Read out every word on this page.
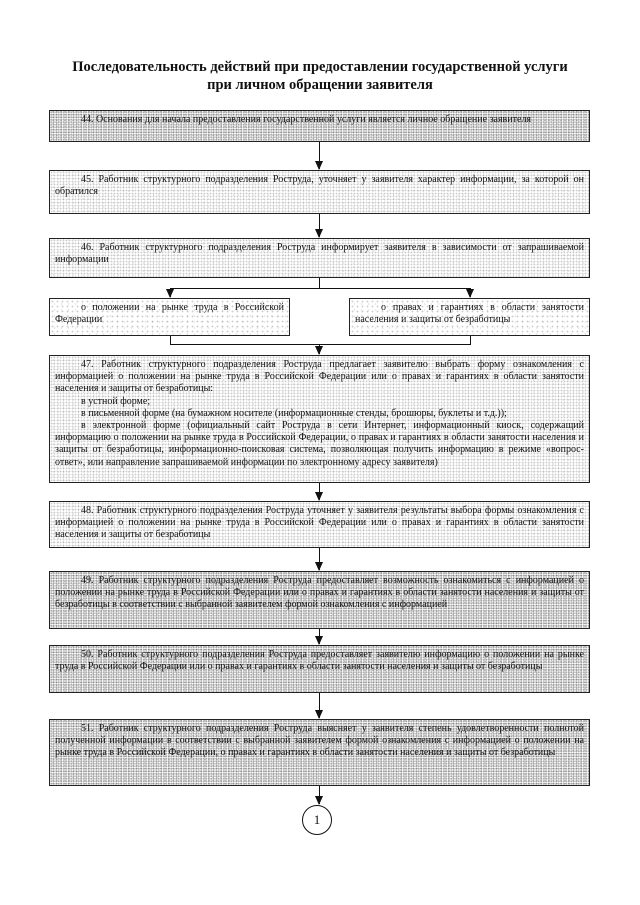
Последовательность действий при предоставлении государственной услуги
при личном обращении заявителя

44. Основания для начала предоставления государственной услуги является личное обращение заявителя

45. Работник структурного подразделения Роструда, уточняет у заявителя характер информации, за которой он обратился

46. Работник структурного подразделения Роструда информирует заявителя в зависимости от запрашиваемой информации

о положении на рынке труда в Российской Федерации

о правах и гарантиях в области занятости населения и защиты от безработицы

47. Работник структурного подразделения Роструда предлагает заявителю выбрать форму ознакомления с информацией о положении на рынке труда в Российской Федерации или о правах и гарантиях в области занятости населения и защиты от безработицы:

в устной форме;

в письменной форме (на бумажном носителе (информационные стенды, брошюры, буклеты и т.д.));

в электронной форме (официальный сайт Роструда в сети Интернет, информационный киоск, содержащий информацию о положении на рынке труда в Российской Федерации, о правах и гарантиях в области занятости населения и защиты от безработицы, информационно-поисковая система, позволяющая получить информацию в режиме «вопрос-ответ», или направление запрашиваемой информации по электронному адресу заявителя)

48. Работник структурного подразделения Роструда уточняет у заявителя результаты выбора формы ознакомления с информацией о положении на рынке труда в Российской Федерации или о правах и гарантиях в области занятости населения и защиты от безработицы

49. Работник структурного подразделения Роструда предоставляет возможность ознакомиться с информацией о положении на рынке труда в Российской Федерации или о правах и гарантиях в области занятости населения и защиты от безработицы в соответствии с выбранной заявителем формой ознакомления с информацией

50. Работник структурного подразделения Роструда предоставляет заявителю информацию о положении на рынке труда в Российской Федерации или о правах и гарантиях в области занятости населения и защиты от безработицы

51. Работник структурного подразделения Роструда выясняет у заявителя степень удовлетворенности полнотой полученной информации в соответствии с выбранной заявителем формой ознакомления с информацией о положении на рынке труда в Российской Федерации, о правах и гарантиях в области занятости населения и защиты от безработицы

1
